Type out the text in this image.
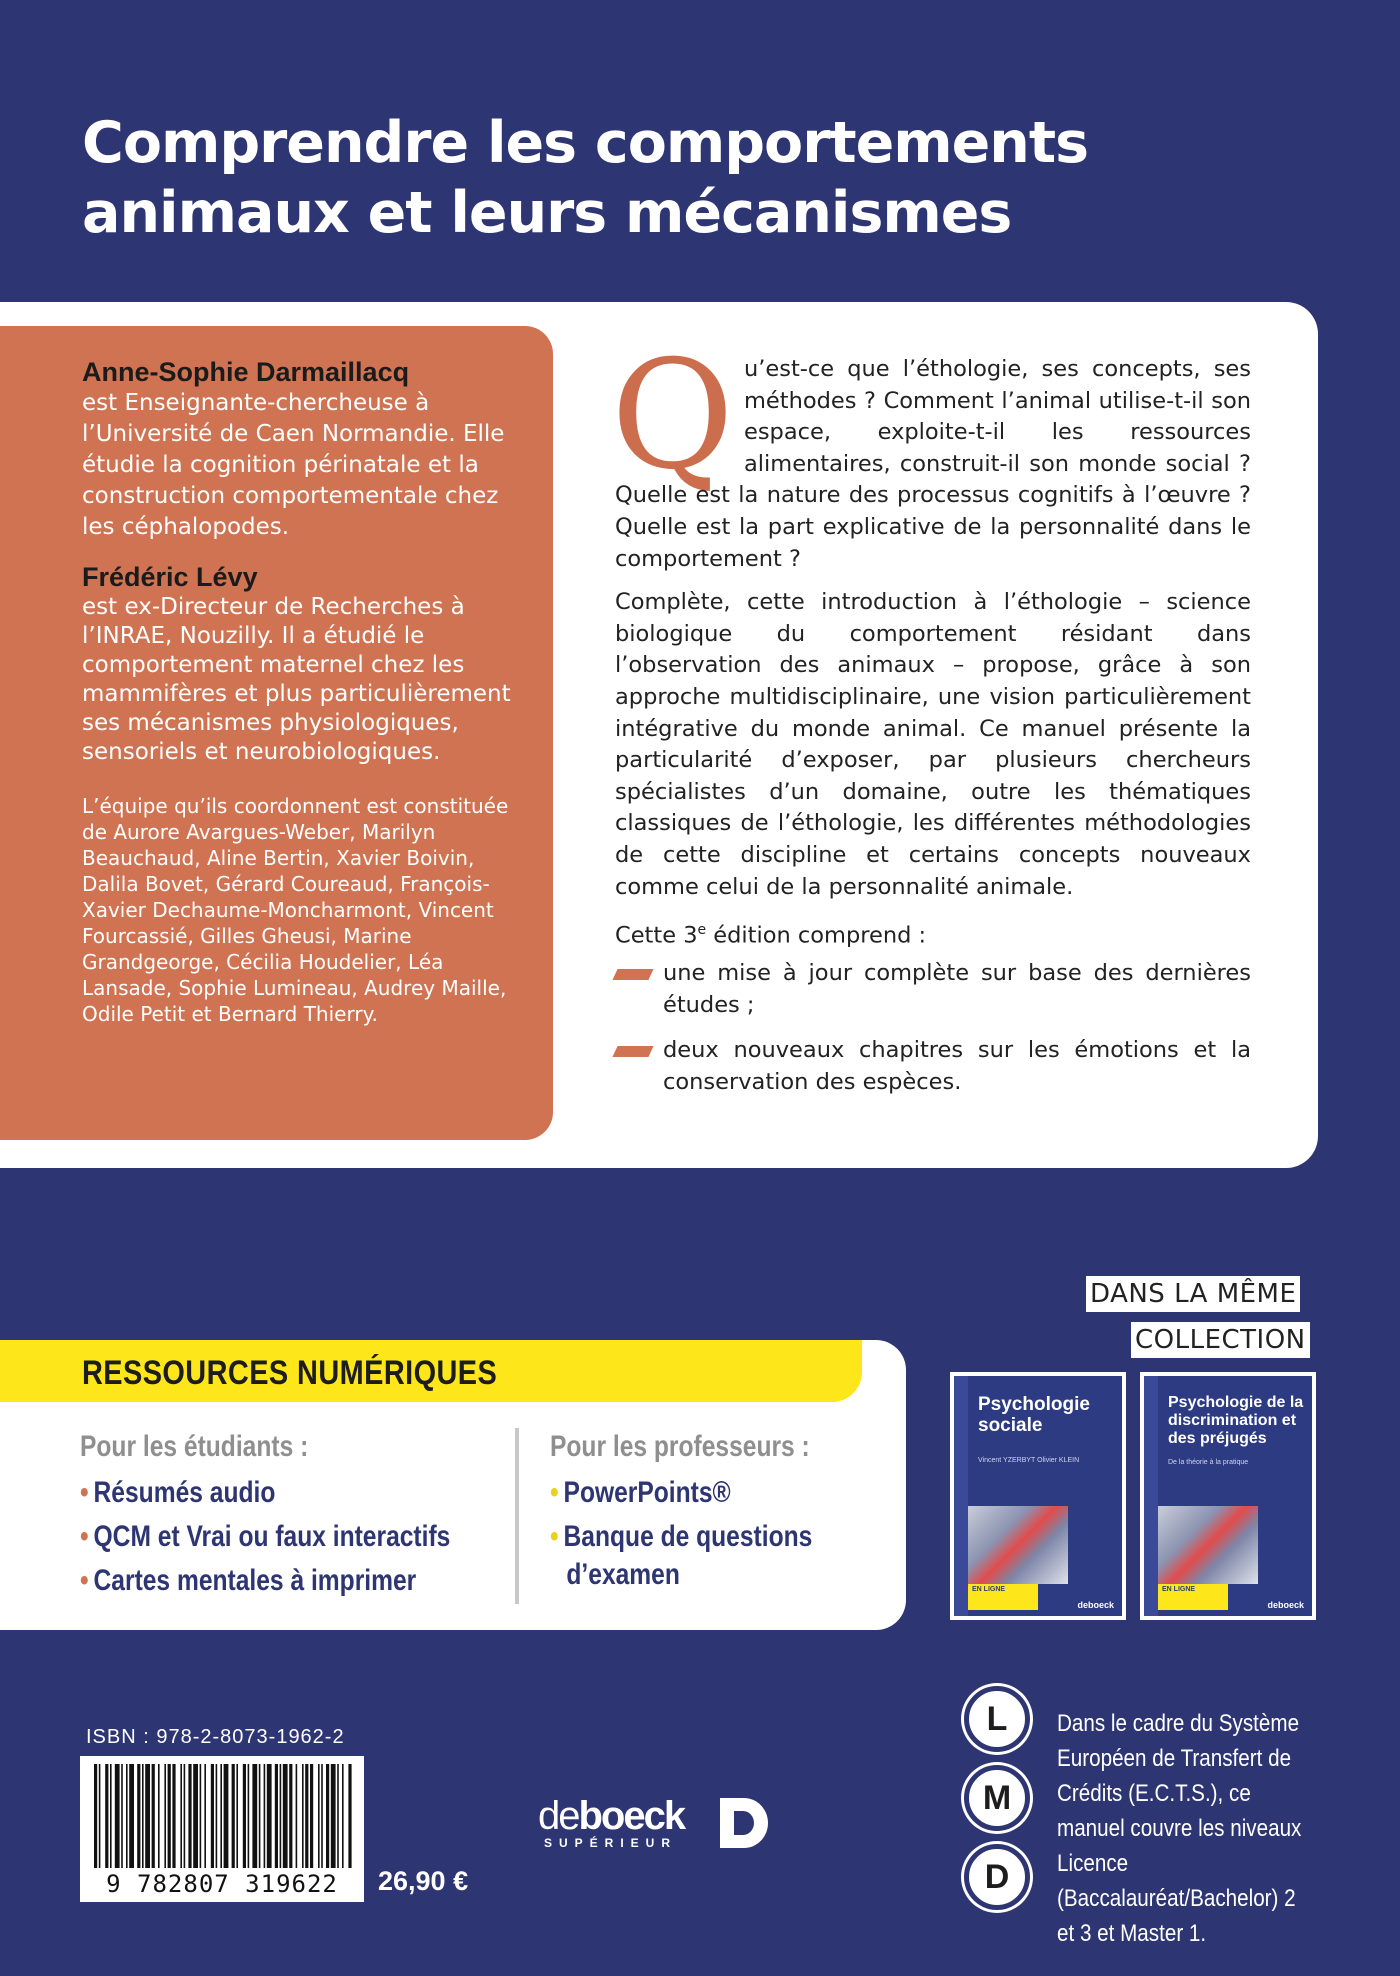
Comprendre les comportements
animaux et leurs mécanismes
Anne-Sophie Darmaillacq
est Enseignante-chercheuse à l’Université de Caen Normandie. Elle étudie la cognition périnatale et la construction comportementale chez les céphalopodes.
Frédéric Lévy
est ex-Directeur de Recherches à l’INRAE, Nouzilly. Il a étudié le comportement maternel chez les mammifères et plus particulièrement ses mécanismes physiologiques, sensoriels et neurobiologiques.
L’équipe qu’ils coordonnent est constituée de Aurore Avargues-Weber, Marilyn Beauchaud, Aline Bertin, Xavier Boivin, Dalila Bovet, Gérard Coureaud, François-Xavier Dechaume-Moncharmont, Vincent Fourcassié, Gilles Gheusi, Marine Grandgeorge, Cécilia Houdelier, Léa Lansade, Sophie Lumineau, Audrey Maille, Odile Petit et Bernard Thierry.

Q u’est-ce que l’éthologie, ses concepts, ses méthodes ? Comment l’animal utilise-t-il son espace, exploite-t-il les ressources alimentaires, construit-il son monde social ? Quelle est la nature des processus cognitifs à l’œuvre ? Quelle est la part explicative de la personnalité dans le comportement ?

Complète, cette introduction à l’éthologie – science biologique du comportement résidant dans l’observation des animaux – propose, grâce à son approche multidisciplinaire, une vision particulièrement intégrative du monde animal. Ce manuel présente la particularité d’exposer, par plusieurs chercheurs spécialistes d’un domaine, outre les thématiques classiques de l’éthologie, les différentes méthodologies de cette discipline et certains concepts nouveaux comme celui de la personnalité animale.

Cette 3e édition comprend :

une mise à jour complète sur base des dernières études ;
deux nouveaux chapitres sur les émotions et la conservation des espèces.
RESSOURCES NUMÉRIQUES
Pour les étudiants :
• Résumés audio
• QCM et Vrai ou faux interactifs
• Cartes mentales à imprimer
Pour les professeurs :
• PowerPoints®
• Banque de questions
d’examen
DANS LA MÊME
COLLECTION
Psychologie sociale
Vincent YZERBYT Olivier KLEIN
EN LIGNE
deboeck
Psychologie de la discrimination et des préjugés
De la théorie à la pratique
EN LIGNE
deboeck
ISBN : 978-2-8073-1962-2
9 782807 319622	26,90 €
deboeck
SUPÉRIEUR
L
M
D
Dans le cadre du Système Européen de Transfert de Crédits (E.C.T.S.), ce manuel couvre les niveaux Licence (Baccalauréat/Bachelor) 2 et 3 et Master 1.
